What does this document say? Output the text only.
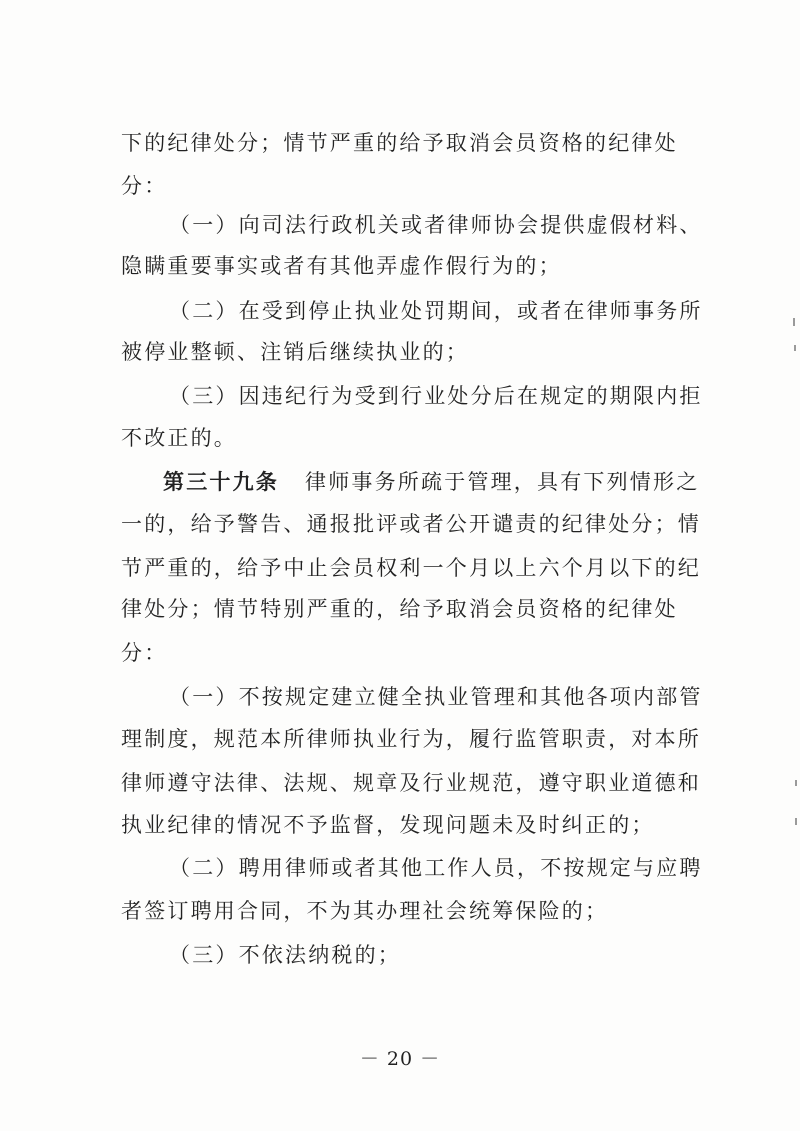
下的纪律处分；情节严重的给予取消会员资格的纪律处
分：
（一）向司法行政机关或者律师协会提供虚假材料、
隐瞒重要事实或者有其他弄虚作假行为的；
（二）在受到停止执业处罚期间，或者在律师事务所
被停业整顿、注销后继续执业的；
（三）因违纪行为受到行业处分后在规定的期限内拒
不改正的。
第三十九条 律师事务所疏于管理，具有下列情形之
一的，给予警告、通报批评或者公开谴责的纪律处分；情
节严重的，给予中止会员权利一个月以上六个月以下的纪
律处分；情节特别严重的，给予取消会员资格的纪律处
分：
（一）不按规定建立健全执业管理和其他各项内部管
理制度，规范本所律师执业行为，履行监管职责，对本所
律师遵守法律、法规、规章及行业规范，遵守职业道德和
执业纪律的情况不予监督，发现问题未及时纠正的；
（二）聘用律师或者其他工作人员，不按规定与应聘
者签订聘用合同，不为其办理社会统筹保险的；
（三）不依法纳税的；
－ 20 －
